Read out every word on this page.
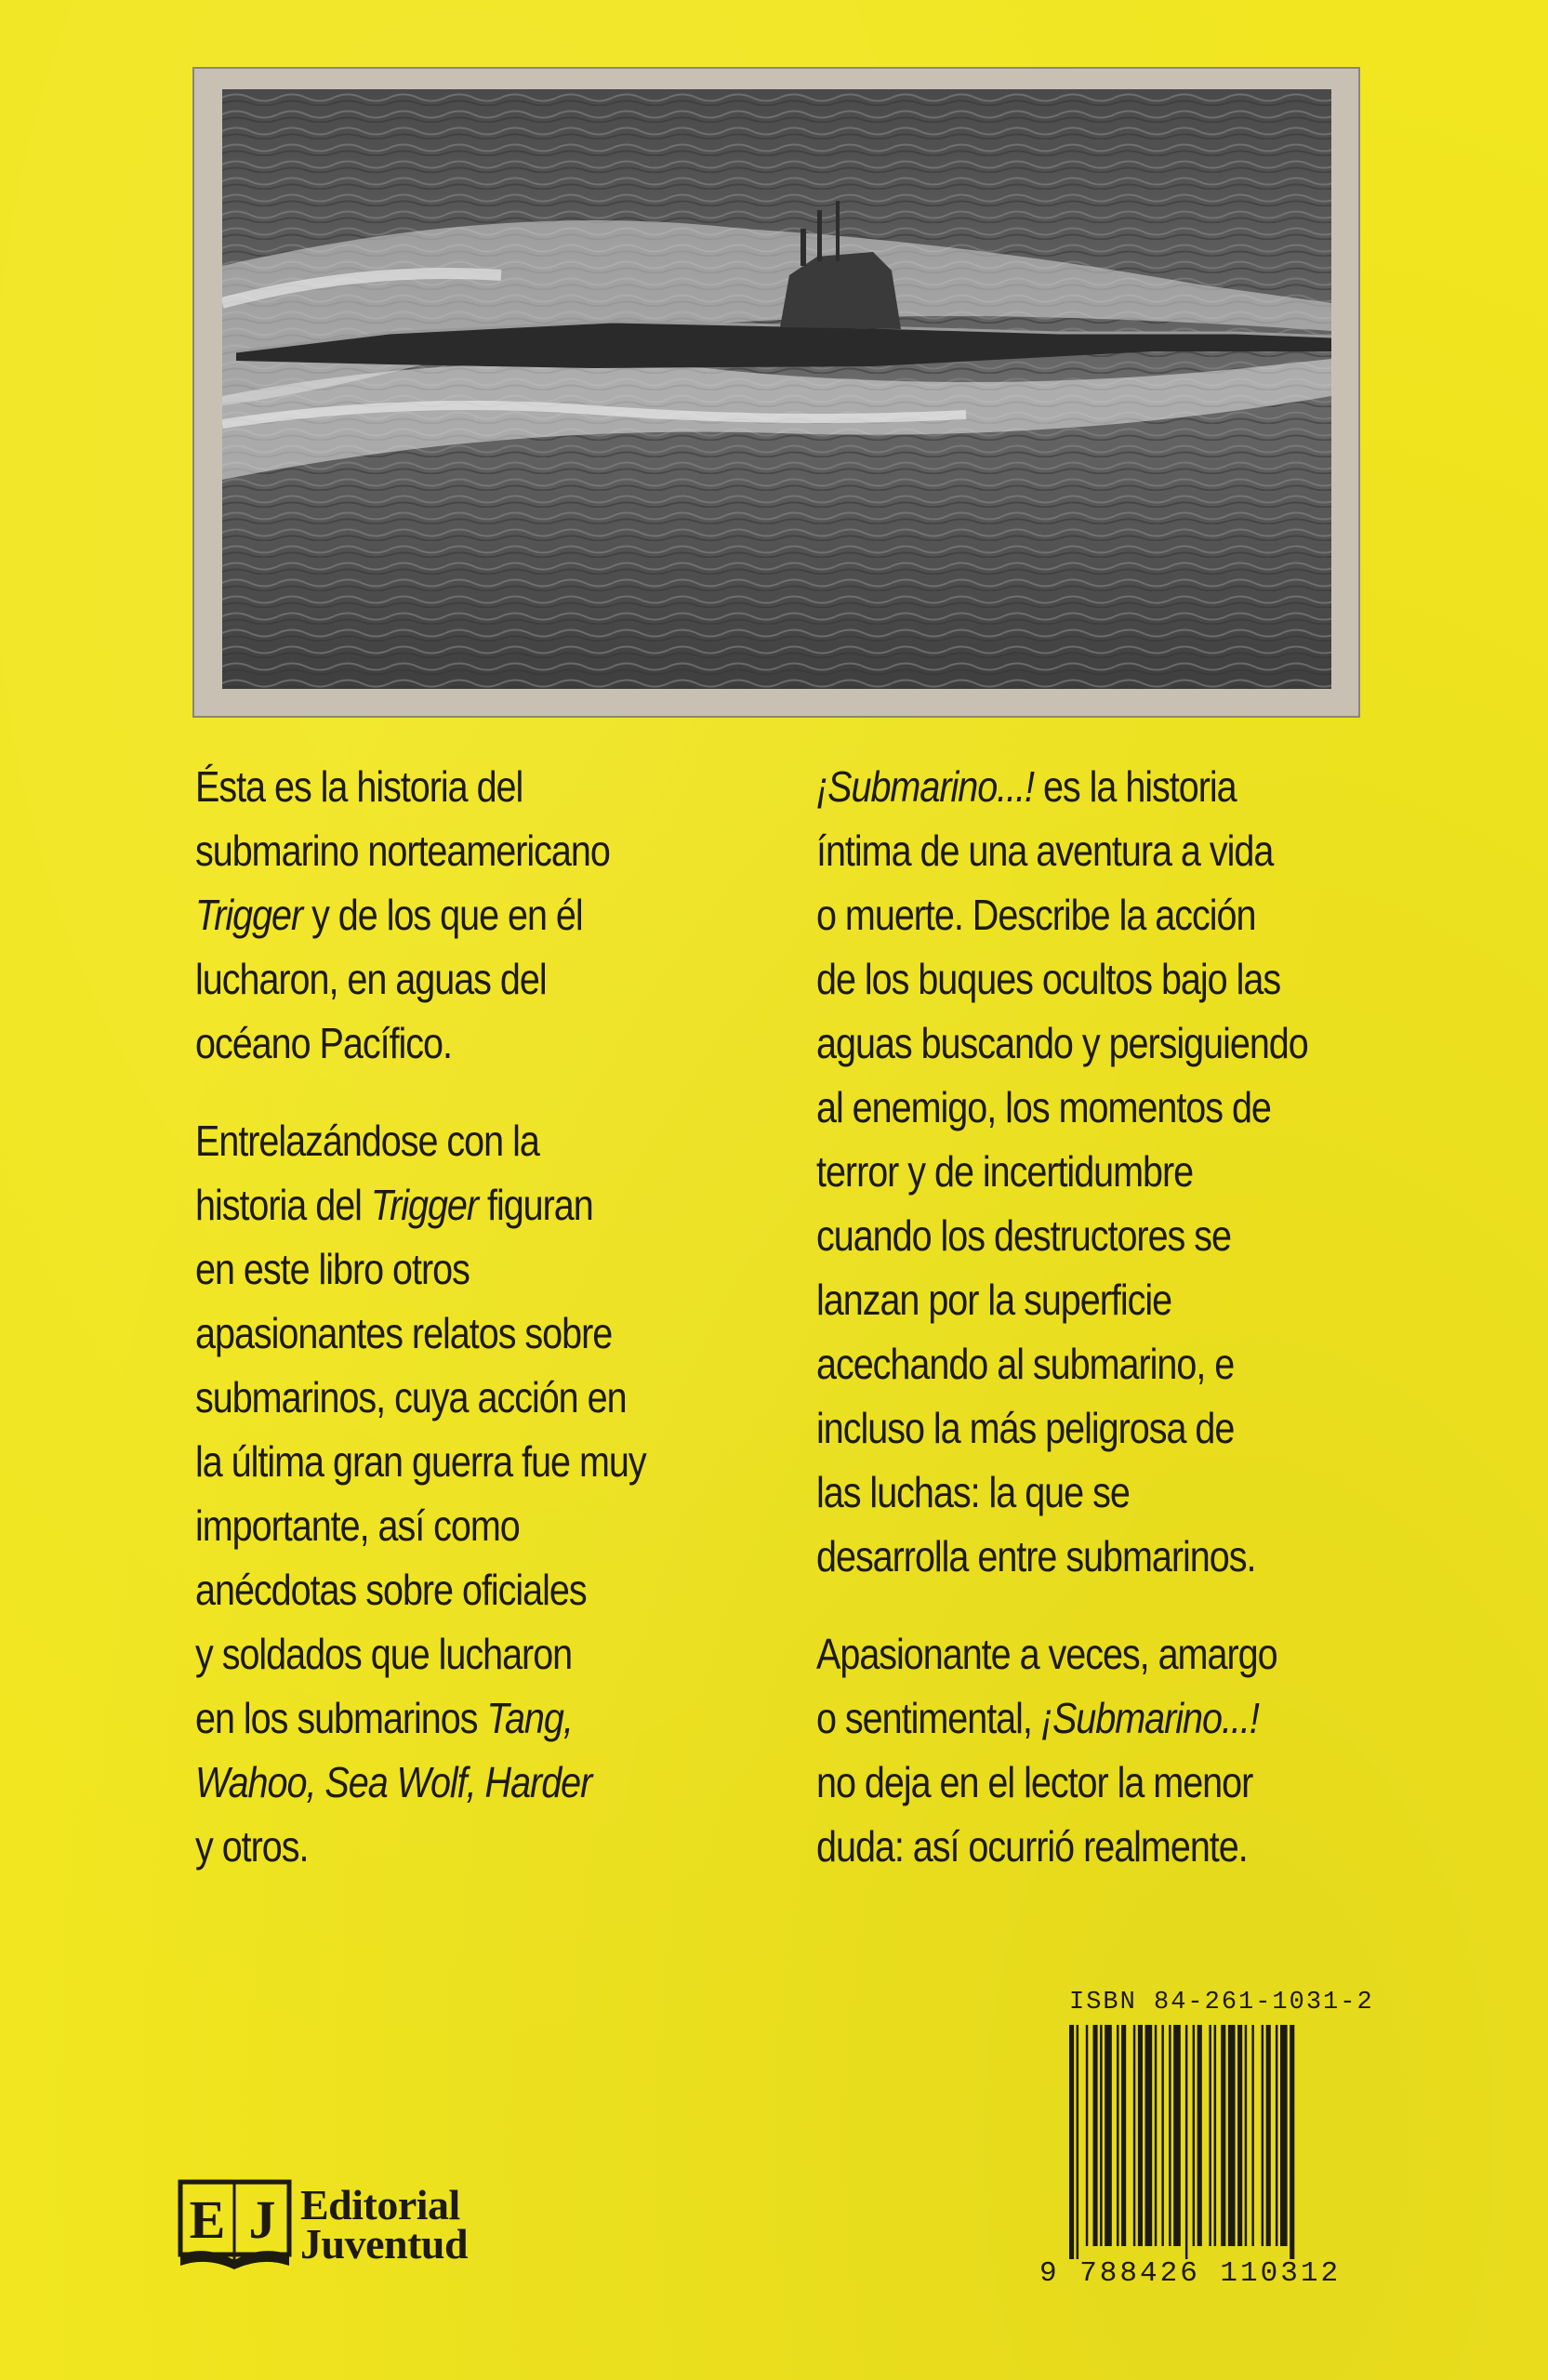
Ésta es la historia del
submarino norteamericano
Trigger y de los que en él
lucharon, en aguas del
océano Pacífico.
Entrelazándose con la
historia del Trigger figuran
en este libro otros
apasionantes relatos sobre
submarinos, cuya acción en
la última gran guerra fue muy
importante, así como
anécdotas sobre oficiales
y soldados que lucharon
en los submarinos Tang,
Wahoo, Sea Wolf, Harder
y otros.
¡Submarino...! es la historia
íntima de una aventura a vida
o muerte. Describe la acción
de los buques ocultos bajo las
aguas buscando y persiguiendo
al enemigo, los momentos de
terror y de incertidumbre
cuando los destructores se
lanzan por la superficie
acechando al submarino, e
incluso la más peligrosa de
las luchas: la que se
desarrolla entre submarinos.
Apasionante a veces, amargo
o sentimental, ¡Submarino...!
no deja en el lector la menor
duda: así ocurrió realmente.
ISBN 84-261-1031-2
9 788426 110312
E J Editorial
Juventud
